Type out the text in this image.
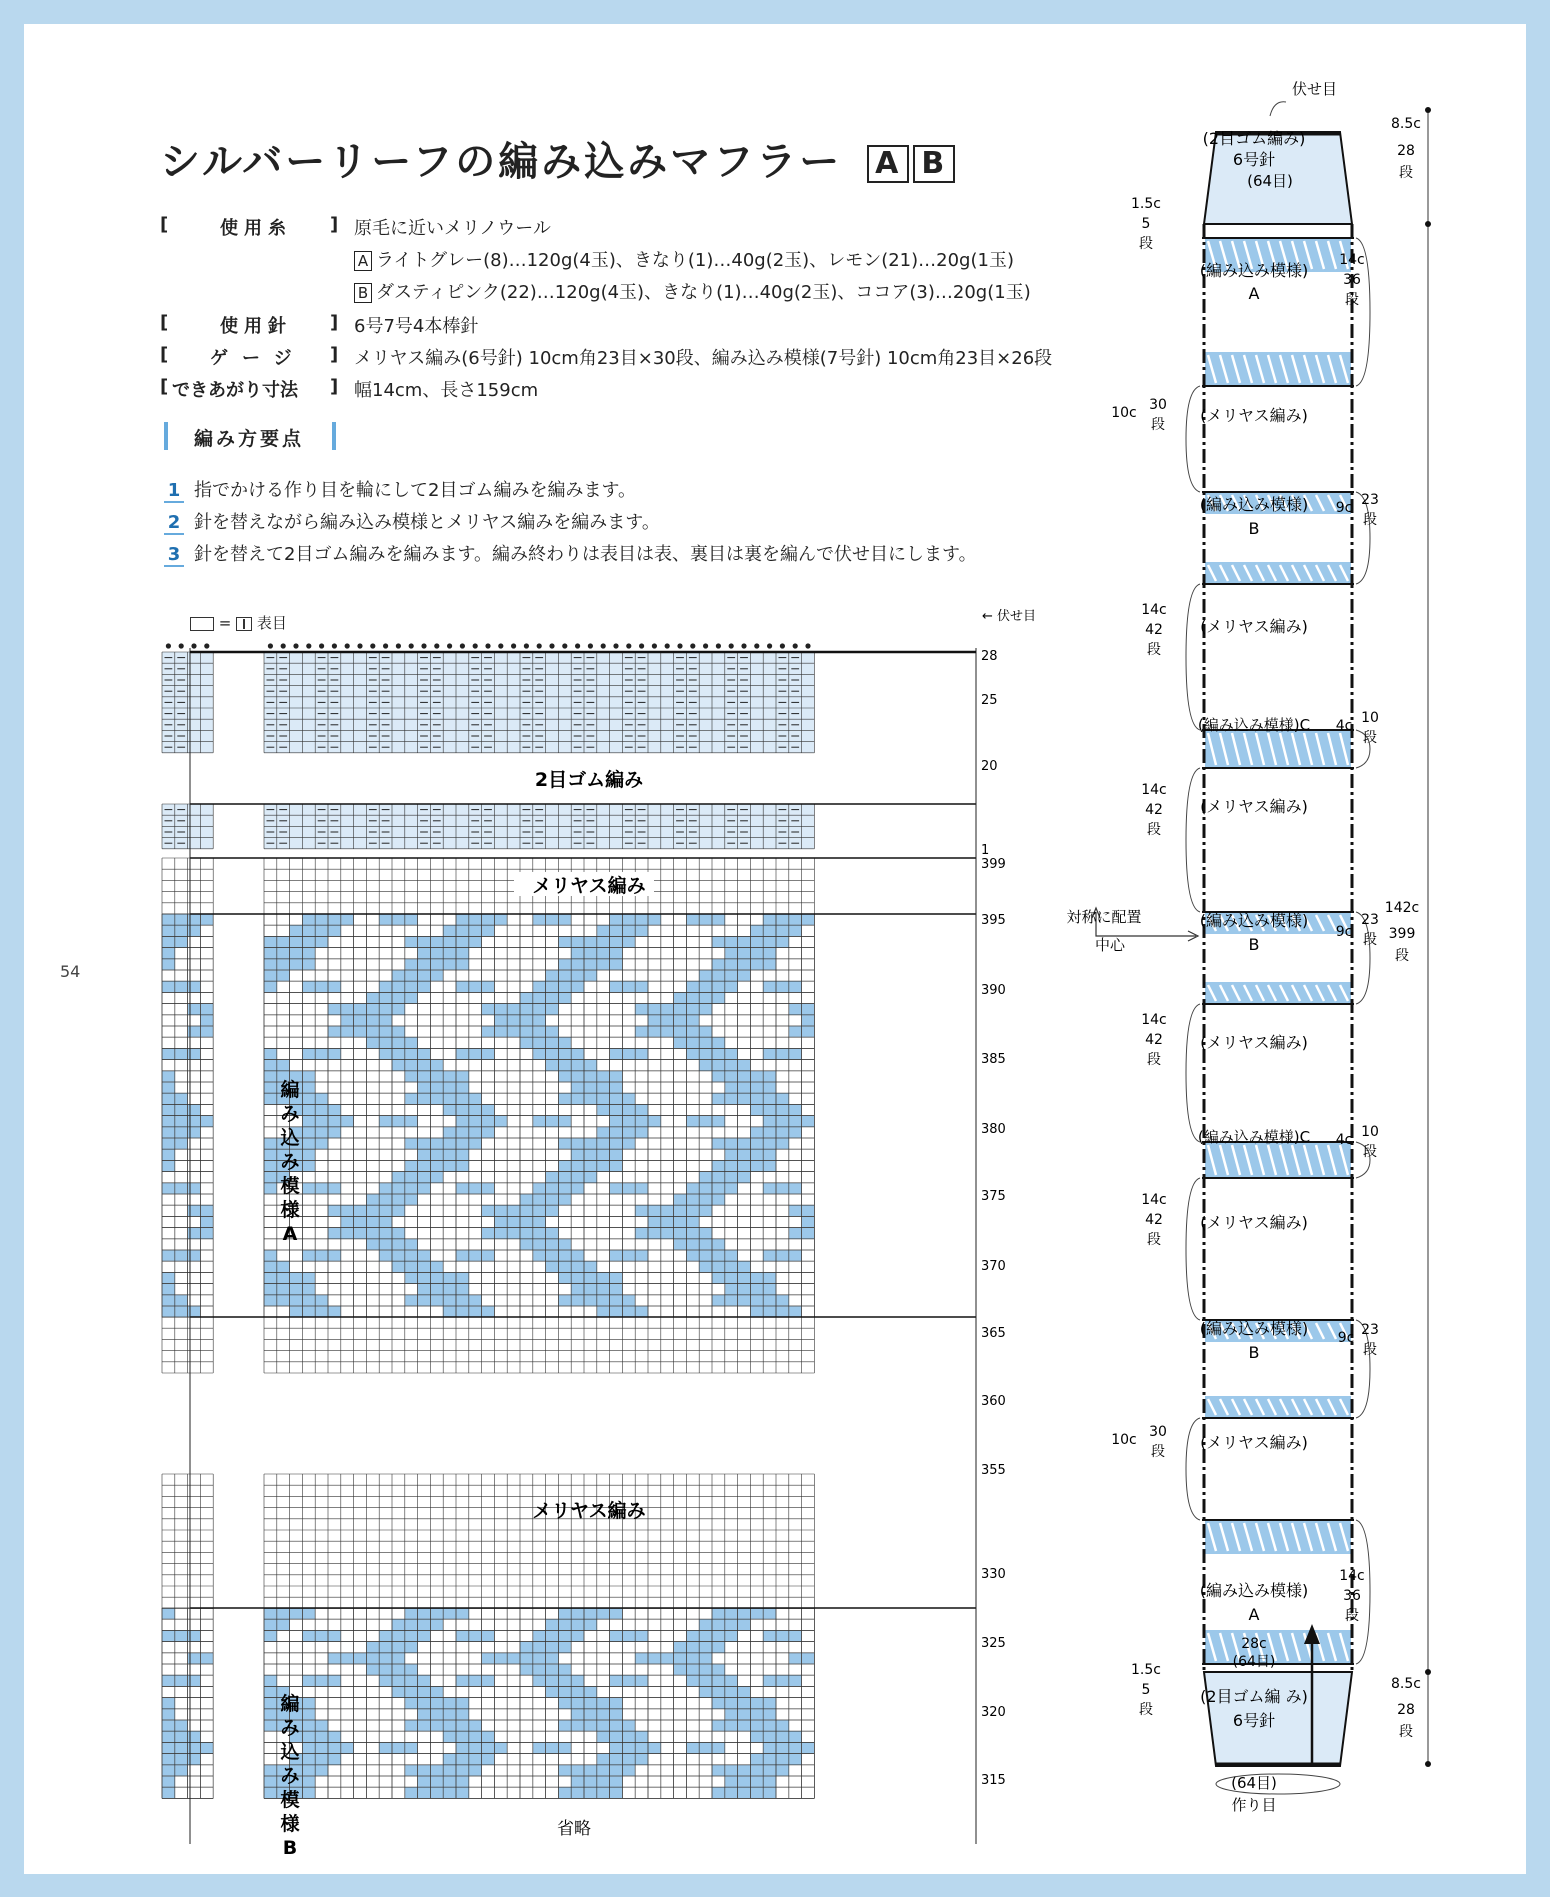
シルバーリーフの編み込みマフラー A B
[	使用糸 ] 原毛に近いメリノウール
A ライトグレー(8)…120g(4玉)、きなり(1)…40g(2玉)、レモン(21)…20g(1玉)
B ダスティピンク(22)…120g(4玉)、きなり(1)…40g(2玉)、ココア(3)…20g(1玉)
[	使用針 ] 6号7号4本棒針
[ ゲージ ] メリヤス編み(6号針) 10cm角23目×30段、編み込み模様(7号針) 10cm角23目×26段
[ できあがり寸法 ] 幅14cm、長さ159cm
編み方要点
1 指でかける作り目を輪にして2目ゴム編みを編みます。
2 針を替えながら編み込み模様とメリヤス編みを編みます。
3 針を替えて2目ゴム編みを編みます。編み終わりは表目は表、裏目は裏を編んで伏せ目にします。
54
= 表目	← 伏せ目
2目ゴム編み
メリヤス編み
メリヤス編み
省略
28
25
20
1
399
395
390
385
380
375
370
365
360
355
330
325
320
315
編
み
込
み
模
様
A
編
み
込
み
模
様
B
伏せ目
(2目ゴム編み)
6号針
(64目)
8.5c
28
段
1.5c
5
段
(編み込み模様)
A
14c
36
段
(メリヤス編み)
10c 30
段
(編み込み模様)
B
9c 23
段
(メリヤス編み)
14c
42
段
(編み込み模様)C 4c 10
段
(メリヤス編み)
14c
42
段
(編み込み模様)
B
9c
23
段
対称に配置
中心
142c
399
段
(メリヤス編み)
14c
42
段
(編み込み模様)C 4c 10
段
(メリヤス編み)
14c
42
段
(編み込み模様)
B
9c 23
段
(メリヤス編み)
10c 30
段
(編み込み模様)
A
14c
36
段
28c
(64目)
1.5c
5
段
(2目ゴム編 み)
6号針
8.5c
28
段
(64目)
作り目
